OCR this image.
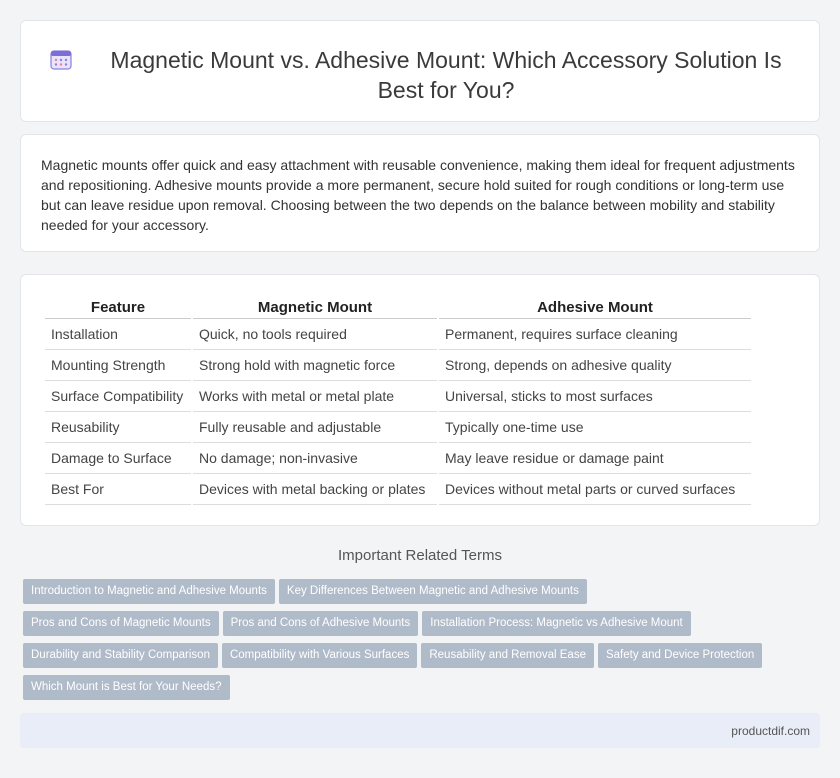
Magnetic Mount vs. Adhesive Mount: Which Accessory Solution Is Best for You?

Magnetic mounts offer quick and easy attachment with reusable convenience, making them ideal for frequent adjustments and repositioning. Adhesive mounts provide a more permanent, secure hold suited for rough conditions or long-term use but can leave residue upon removal. Choosing between the two depends on the balance between mobility and stability needed for your accessory.

Feature	Magnetic Mount	Adhesive Mount
Installation	Quick, no tools required	Permanent, requires surface cleaning
Mounting Strength	Strong hold with magnetic force	Strong, depends on adhesive quality
Surface Compatibility	Works with metal or metal plate	Universal, sticks to most surfaces
Reusability	Fully reusable and adjustable	Typically one-time use
Damage to Surface	No damage; non-invasive	May leave residue or damage paint
Best For	Devices with metal backing or plates	Devices without metal parts or curved surfaces
Important Related Terms
Introduction to Magnetic and Adhesive Mounts Key Differences Between Magnetic and Adhesive Mounts
Pros and Cons of Magnetic Mounts Pros and Cons of Adhesive Mounts Installation Process: Magnetic vs Adhesive Mount
Durability and Stability Comparison Compatibility with Various Surfaces Reusability and Removal Ease Safety and Device Protection
Which Mount is Best for Your Needs?
productdif.com
